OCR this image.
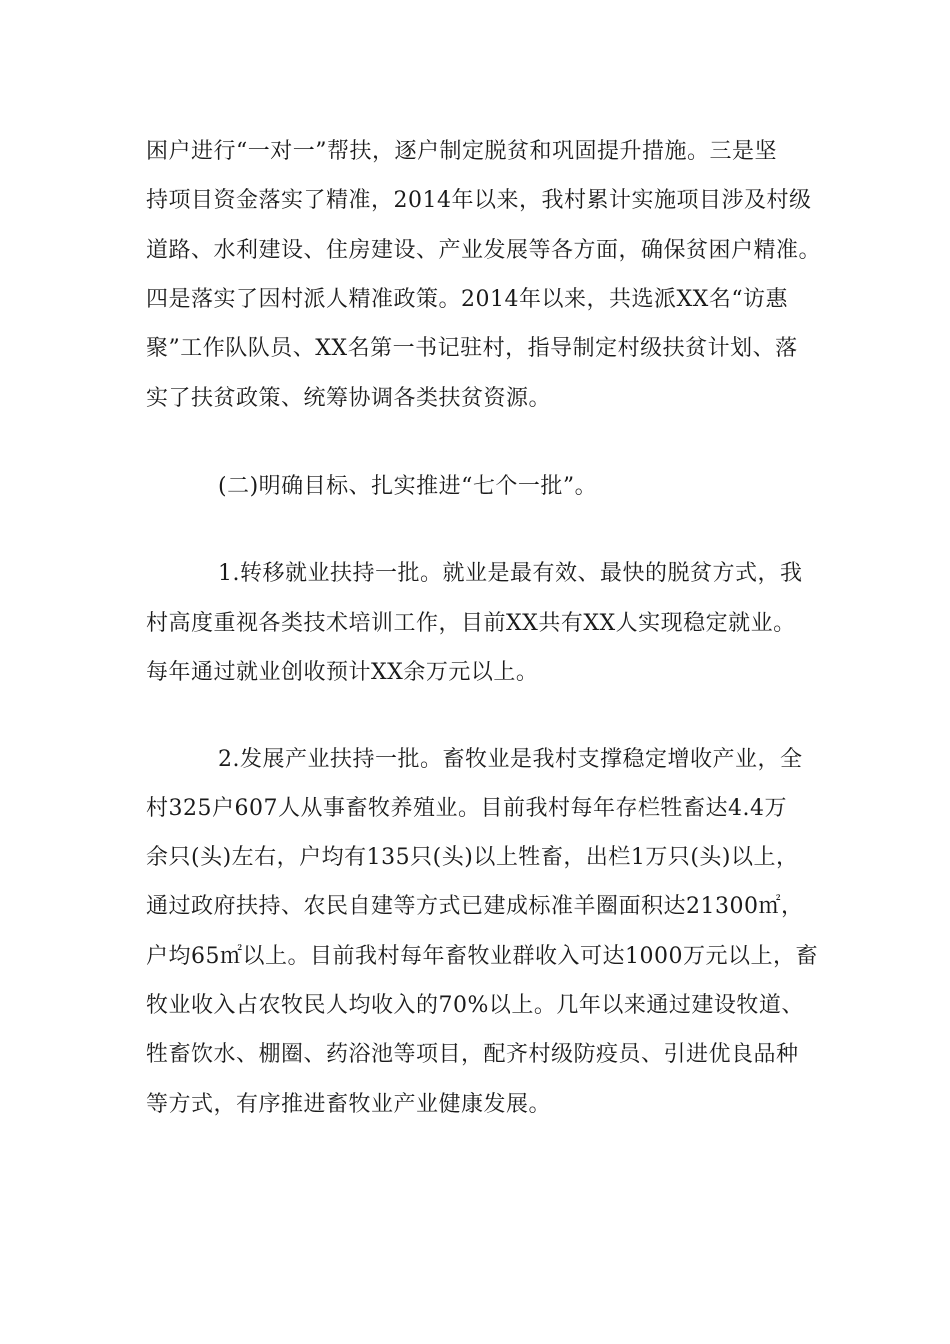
困户进行“一对一”帮扶，逐户制定脱贫和巩固提升措施。三是坚
持项目资金落实了精准，2014年以来，我村累计实施项目涉及村级
道路、水利建设、住房建设、产业发展等各方面，确保贫困户精准。
四是落实了因村派人精准政策。2014年以来，共选派XX名“访惠
聚”工作队队员、XX名第一书记驻村，指导制定村级扶贫计划、落
实了扶贫政策、统筹协调各类扶贫资源。
(二)明确目标、扎实推进“七个一批”。
1.转移就业扶持一批。就业是最有效、最快的脱贫方式，我
村高度重视各类技术培训工作，目前XX共有XX人实现稳定就业。
每年通过就业创收预计XX余万元以上。
2.发展产业扶持一批。畜牧业是我村支撑稳定增收产业，全
村325户607人从事畜牧养殖业。目前我村每年存栏牲畜达4.4万
余只(头)左右，户均有135只(头)以上牲畜，出栏1万只(头)以上，
通过政府扶持、农民自建等方式已建成标准羊圈面积达21300㎡，
户均65㎡以上。目前我村每年畜牧业群收入可达1000万元以上，畜
牧业收入占农牧民人均收入的70%以上。几年以来通过建设牧道、
牲畜饮水、棚圈、药浴池等项目，配齐村级防疫员、引进优良品种
等方式，有序推进畜牧业产业健康发展。
